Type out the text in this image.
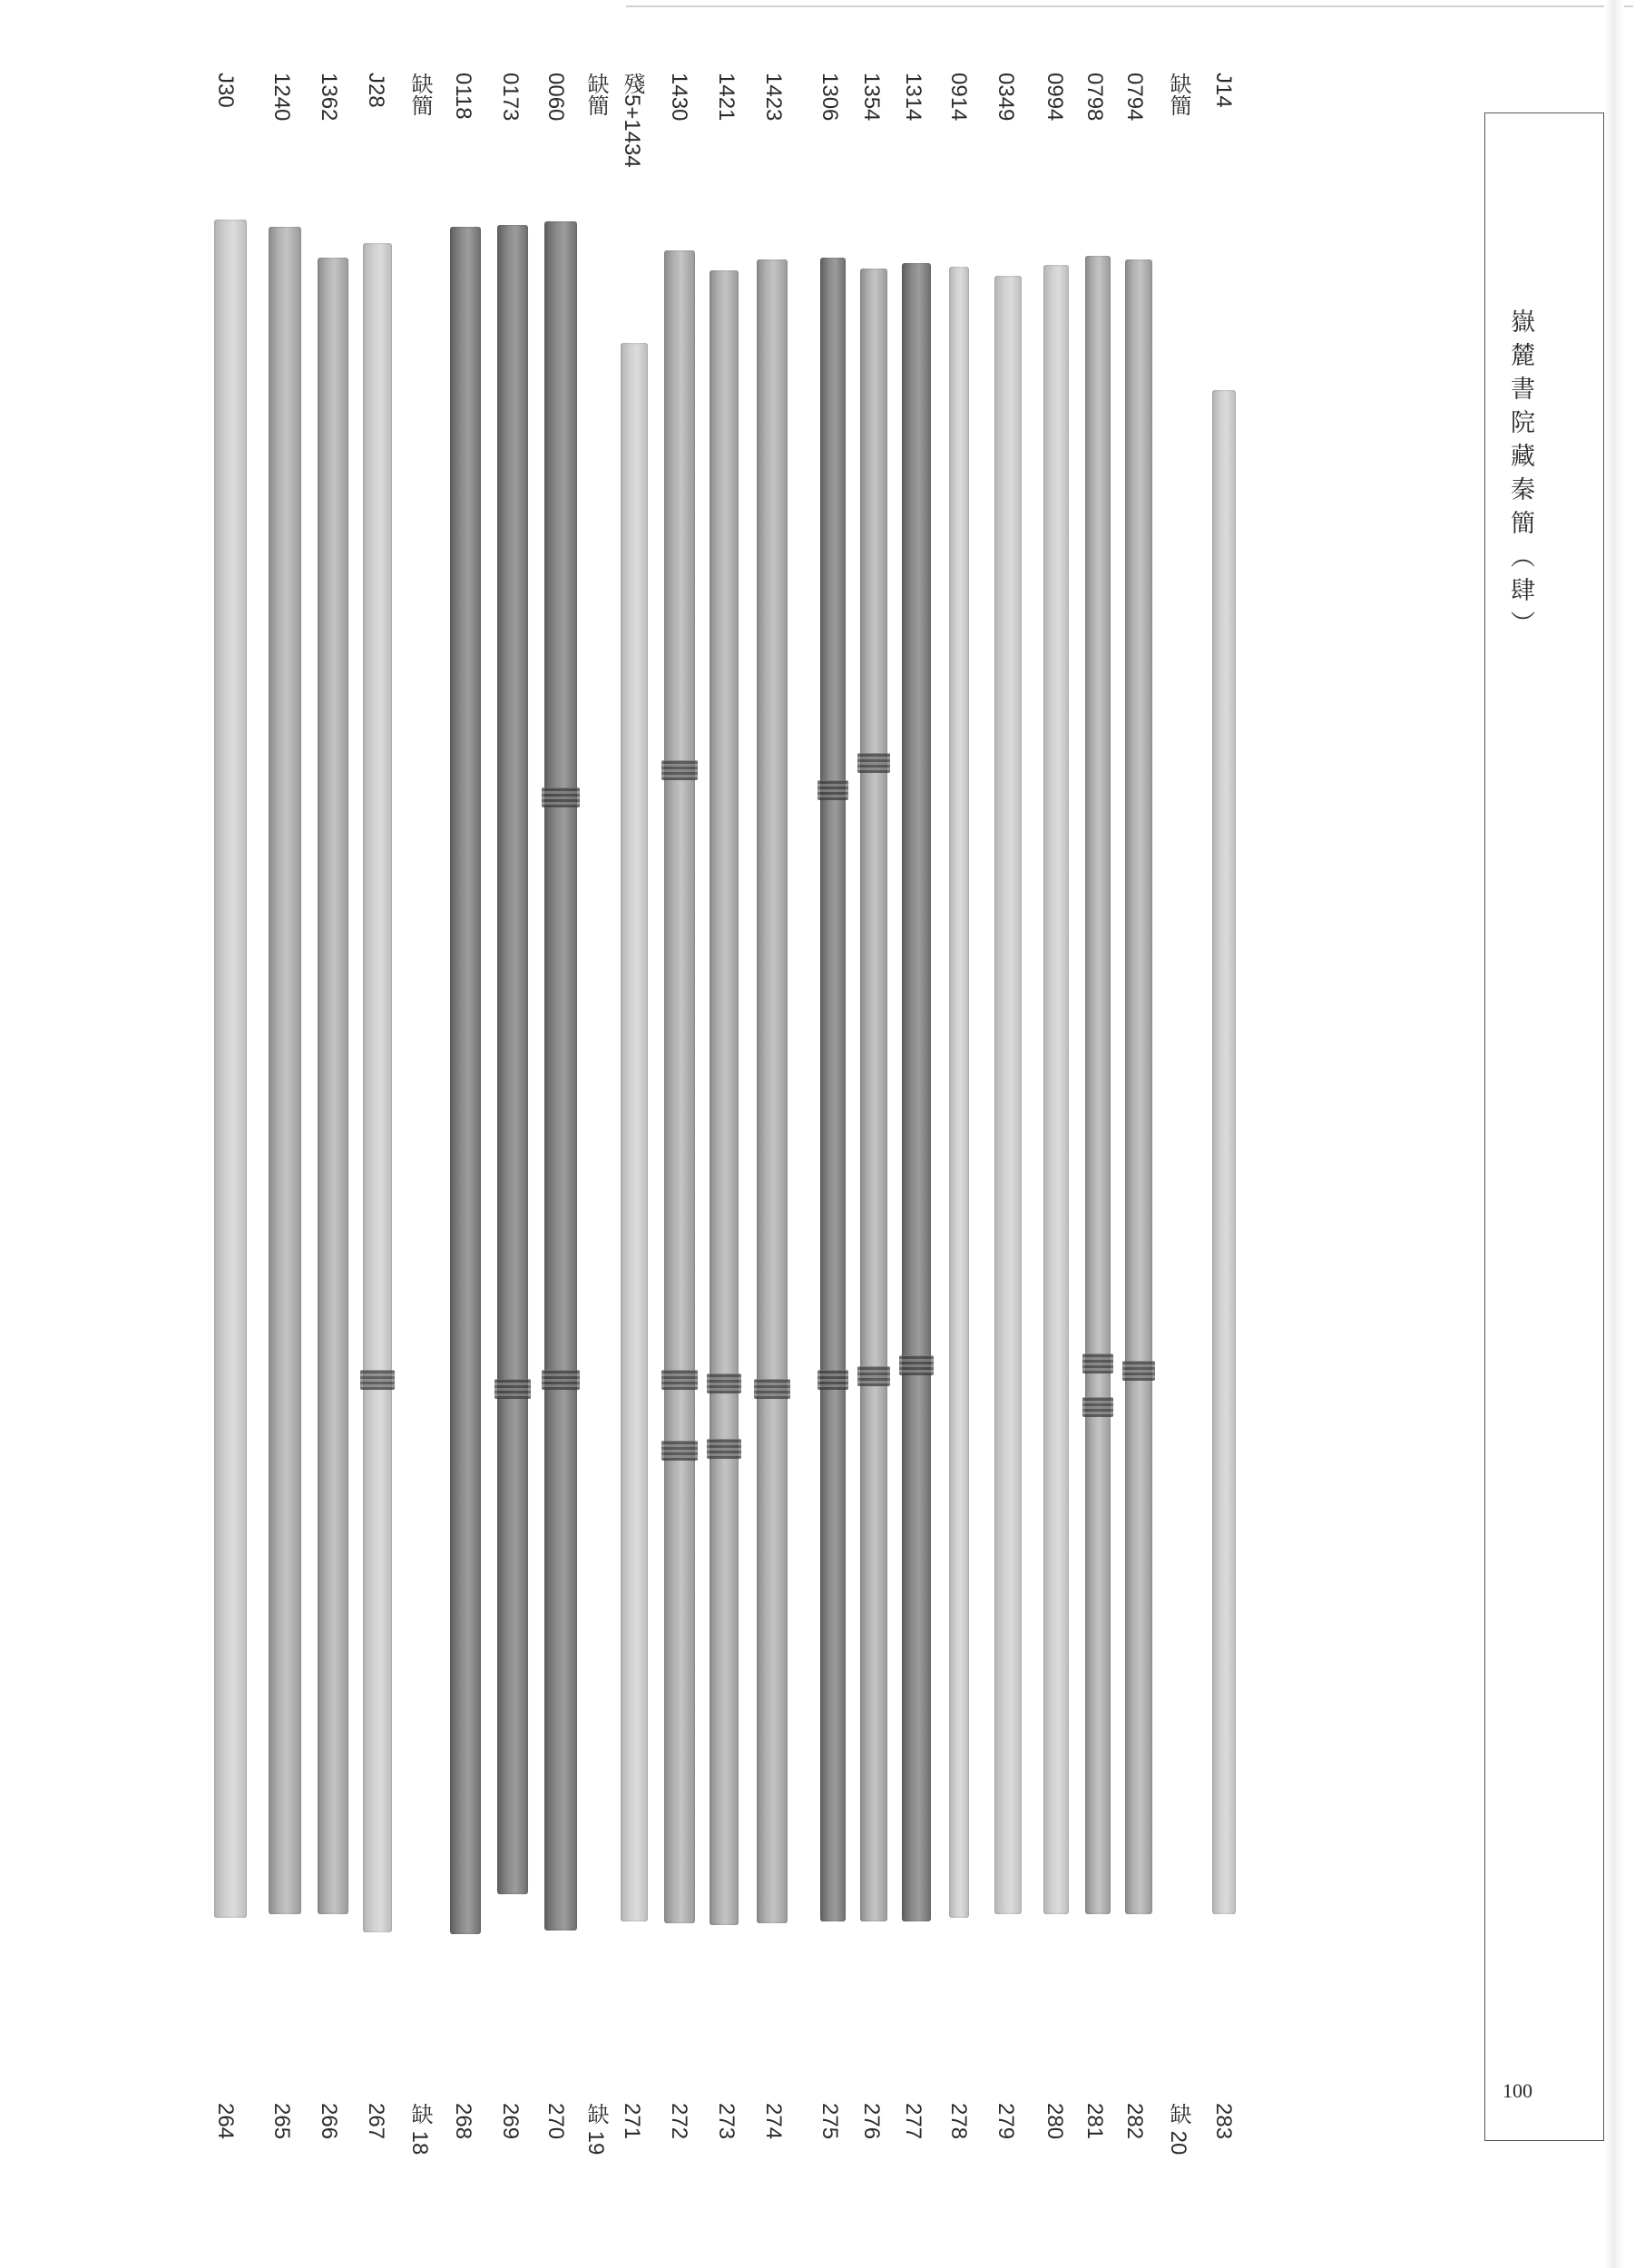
J14
283
缺簡
缺 20
0794
282
0798
281
0994
280
0349
279
0914
278
1314
277
1354
276
1306
275
1423
274
1421
273
1430
272
殘5+1434
271
缺簡
缺 19
0060
270
0173
269
0118
268
缺簡
缺 18
J28
267
1362
266
1240
265
J30
264
嶽麓書院藏秦簡（肆）
100
